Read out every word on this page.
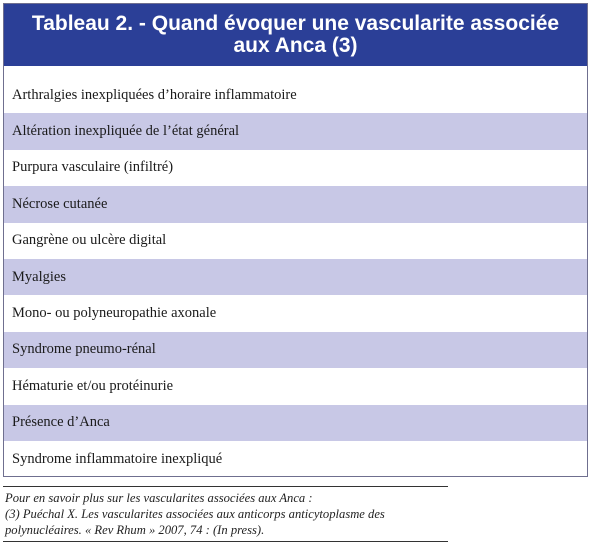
Tableau 2. - Quand évoquer une vascularite associée
aux Anca (3)
Arthralgies inexpliquées d’horaire inflammatoire
Altération inexpliquée de l’état général
Purpura vasculaire (infiltré)
Nécrose cutanée
Gangrène ou ulcère digital
Myalgies
Mono- ou polyneuropathie axonale
Syndrome pneumo-rénal
Hématurie et/ou protéinurie
Présence d’Anca
Syndrome inflammatoire inexpliqué
Pour en savoir plus sur les vascularites associées aux Anca :
(3) Puéchal X. Les vascularites associées aux anticorps anticytoplasme des
polynucléaires. « Rev Rhum » 2007, 74 : (In press).
